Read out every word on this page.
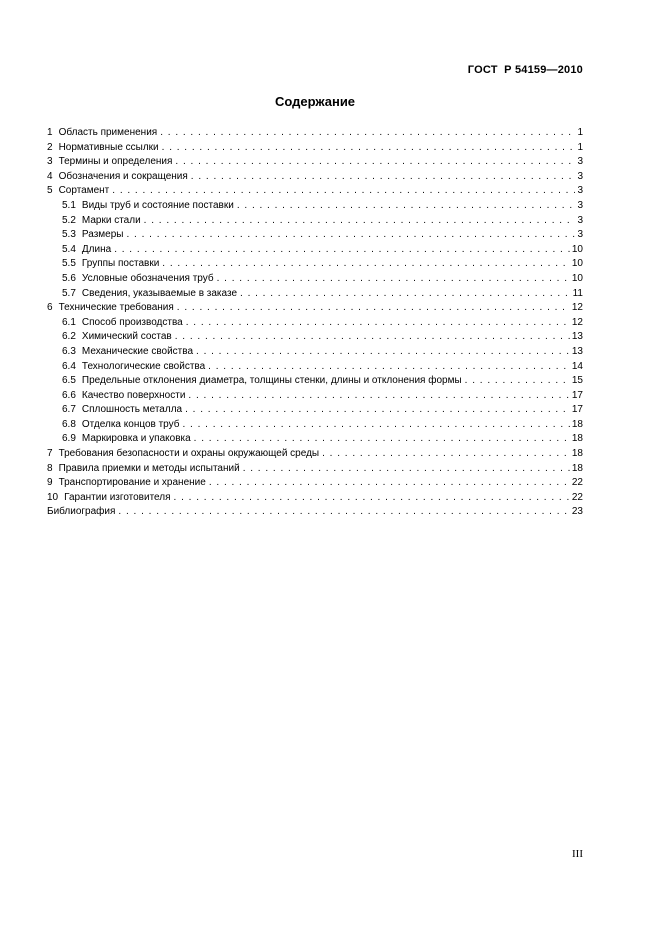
ГОСТ  Р 54159—2010
Содержание
1 Область применения . . .	1
2 Нормативные ссылки . . .	1
3 Термины и определения . . .	3
4 Обозначения и сокращения . . .	3
5 Сортамент . . .	3
5.1 Виды труб и состояние поставки . . .	3
5.2 Марки стали . . .	3
5.3 Размеры . . .	3
5.4 Длина . . .	10
5.5 Группы поставки . . .	10
5.6 Условные обозначения труб . . .	10
5.7 Сведения, указываемые в заказе . . .	11
6 Технические требования . . .	12
6.1 Способ производства . . .	12
6.2 Химический состав . . .	13
6.3 Механические свойства . . .	13
6.4 Технологические свойства . . .	14
6.5 Предельные отклонения диаметра, толщины стенки, длины и отклонения формы . . .	15
6.6 Качество поверхности . . .	17
6.7 Сплошность металла . . .	17
6.8 Отделка концов труб . . .	18
6.9 Маркировка и упаковка . . .	18
7 Требования безопасности и охраны окружающей среды . . .	18
8 Правила приемки и методы испытаний . . .	18
9 Транспортирование и хранение . . .	22
10 Гарантии изготовителя . . .	22
Библиография . . .	23
III
